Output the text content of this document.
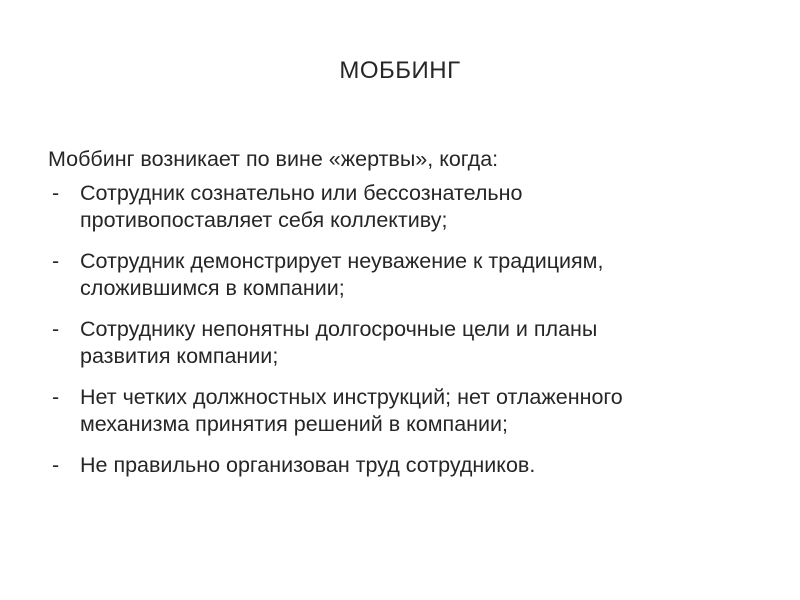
МОББИНГ

Моббинг возникает по вине «жертвы», когда:

- Сотрудник сознательно или бессознательно
противопоставляет себя коллективу;
- Сотрудник демонстрирует неуважение к традициям,
сложившимся в компании;
- Сотруднику непонятны долгосрочные цели и планы
развития компании;
- Нет четких должностных инструкций; нет отлаженного
механизма принятия решений в компании;
- Не правильно организован труд сотрудников.
